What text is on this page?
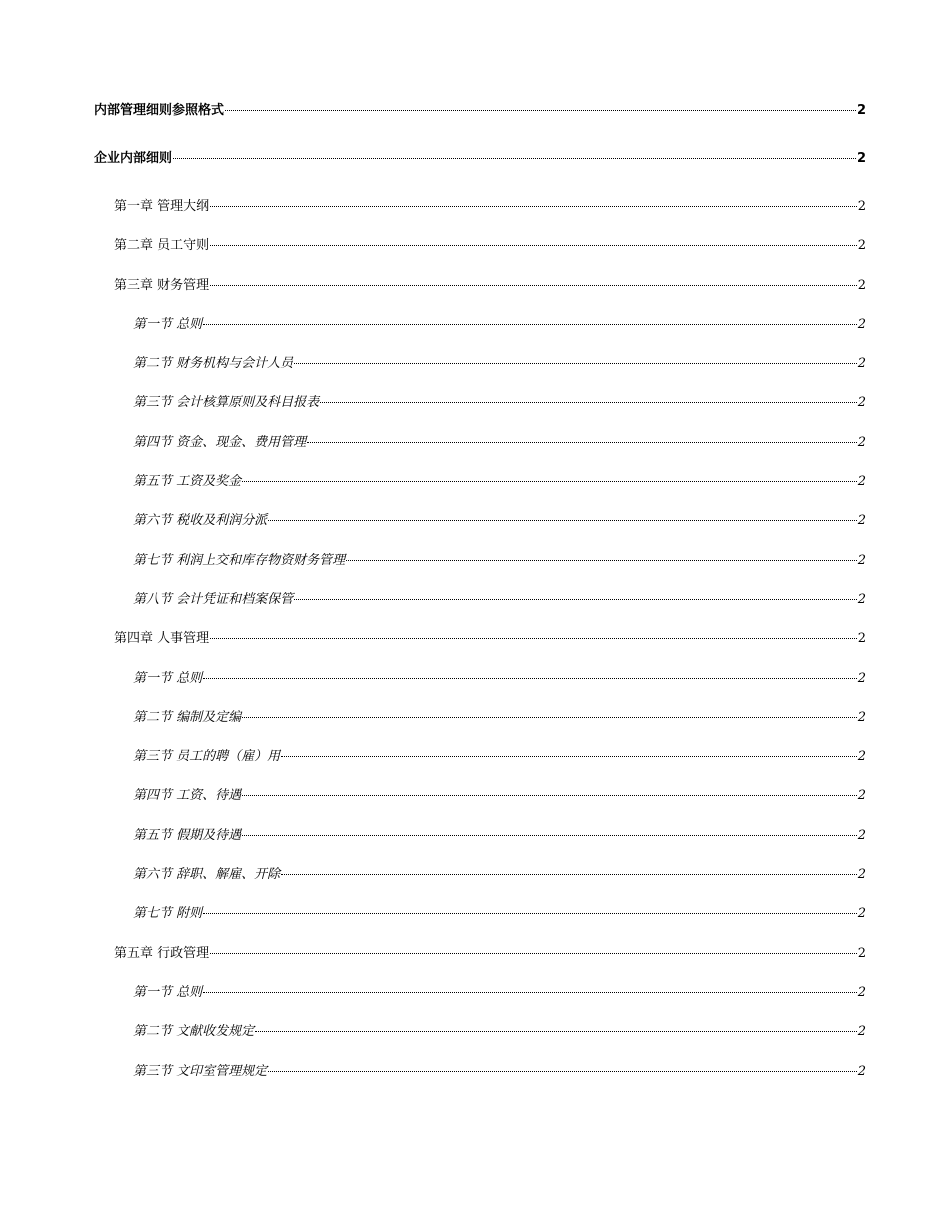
内部管理细则参照格式	2
企业内部细则	2
第一章 管理大纲	2
第二章 员工守则	2
第三章 财务管理	2
第一节 总则	2
第二节 财务机构与会计人员	2
第三节 会计核算原则及科目报表	2
第四节 资金、现金、费用管理	2
第五节 工资及奖金	2
第六节 税收及利润分派	2
第七节 利润上交和库存物资财务管理	2
第八节 会计凭证和档案保管	2
第四章 人事管理	2
第一节 总则	2
第二节 编制及定编	2
第三节 员工的聘（雇）用	2
第四节 工资、待遇	2
第五节 假期及待遇	2
第六节 辞职、解雇、开除	2
第七节 附则	2
第五章 行政管理	2
第一节 总则	2
第二节 文献收发规定	2
第三节 文印室管理规定	2
